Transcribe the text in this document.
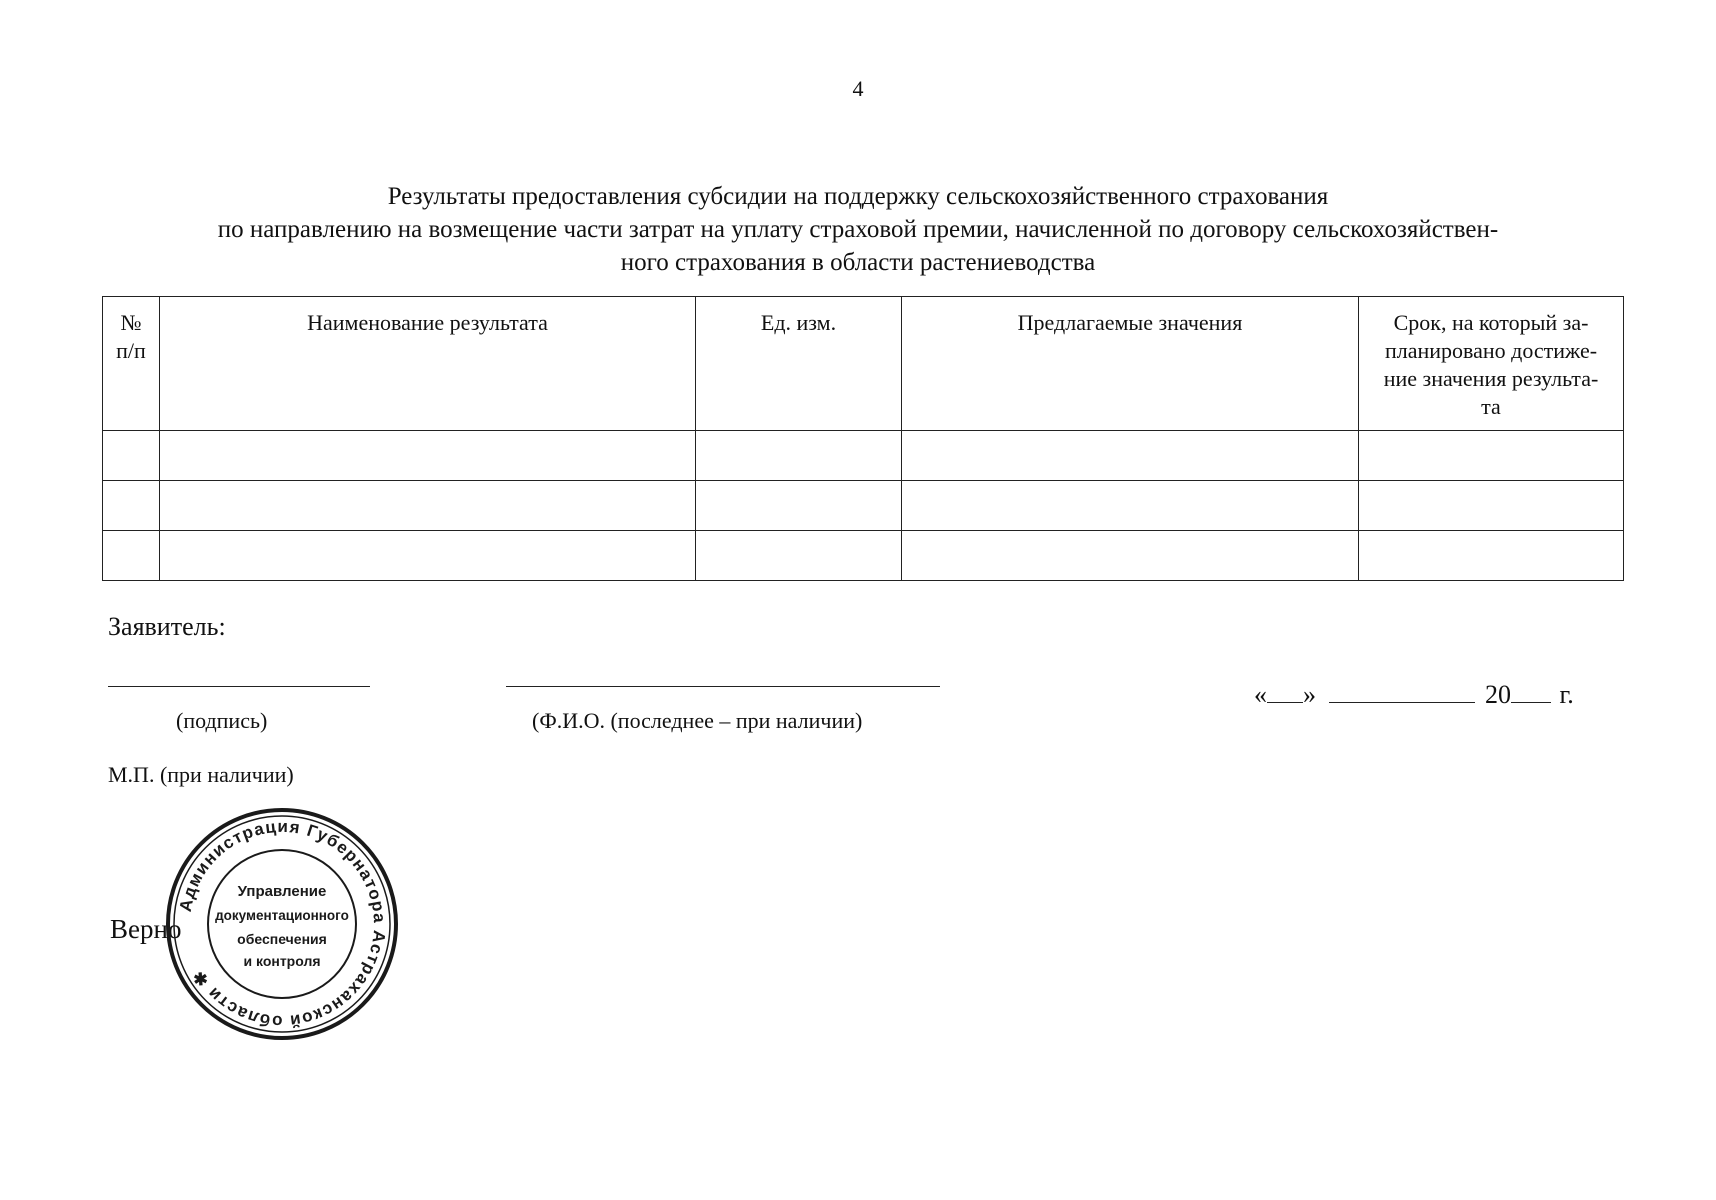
4
Результаты предоставления субсидии на поддержку сельскохозяйственного страхования
по направлению на возмещение части затрат на уплату страховой премии, начисленной по договору сельскохозяйствен-
ного страхования в области растениеводства
№
п/п	Наименование результата	Ед. изм.	Предлагаемые значения	Срок, на который за-
планировано достиже-
ние значения результа-
та

Заявитель:
(подпись)	(Ф.И.О. (последнее – при наличии)
« »	20 г.
М.П. (при наличии)
Верно
Администрация Губернатора Астраханской области ✱
Управление
документационного
обеспечения
и контроля
